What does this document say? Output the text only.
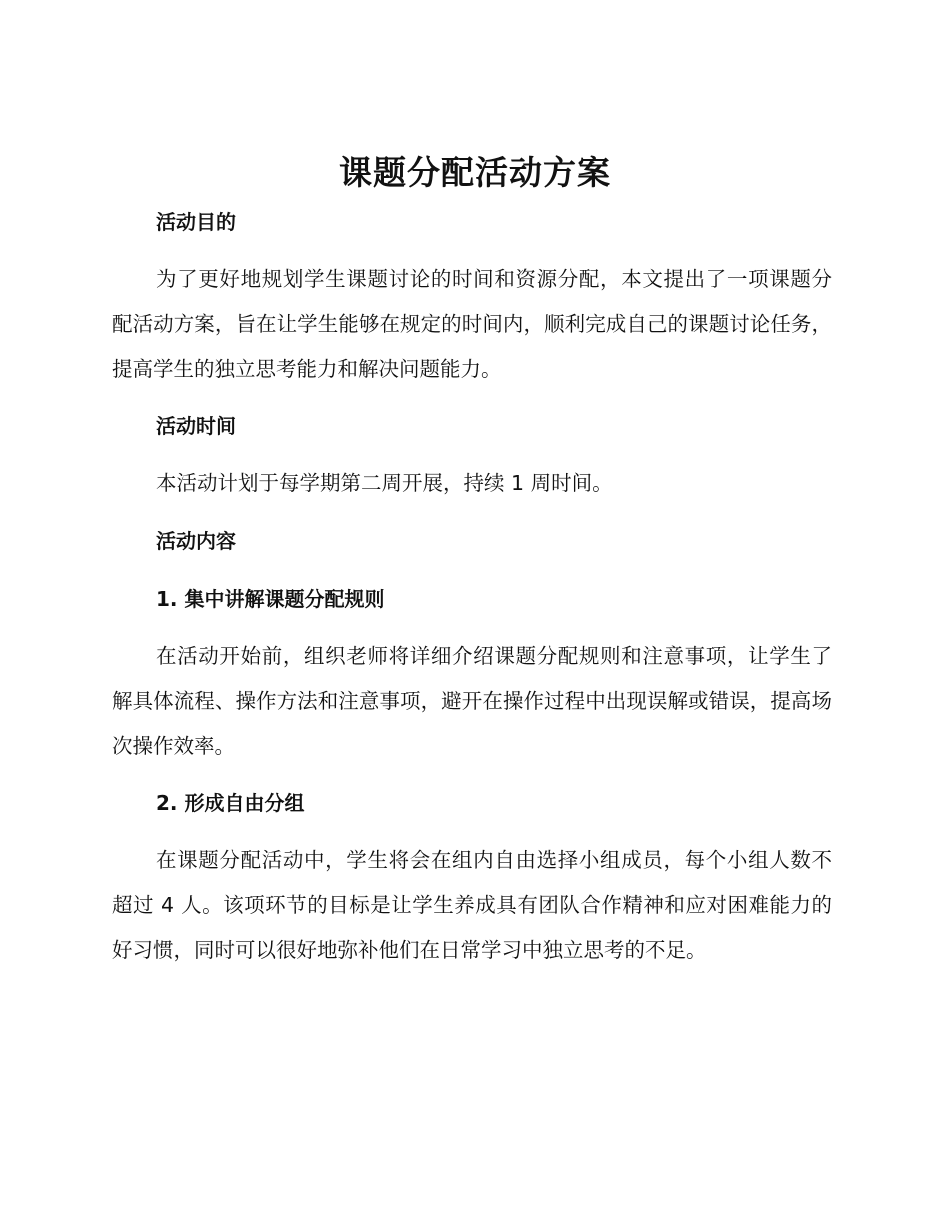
课题分配活动方案
活动目的

为了更好地规划学生课题讨论的时间和资源分配，本文提出了一项课题分配活动方案，旨在让学生能够在规定的时间内，顺利完成自己的课题讨论任务，提高学生的独立思考能力和解决问题能力。

活动时间

本活动计划于每学期第二周开展，持续 1 周时间。

活动内容
1. 集中讲解课题分配规则

在活动开始前，组织老师将详细介绍课题分配规则和注意事项，让学生了解具体流程、操作方法和注意事项，避开在操作过程中出现误解或错误，提高场次操作效率。

2. 形成自由分组

在课题分配活动中，学生将会在组内自由选择小组成员，每个小组人数不超过 4 人。该项环节的目标是让学生养成具有团队合作精神和应对困难能力的好习惯，同时可以很好地弥补他们在日常学习中独立思考的不足。
